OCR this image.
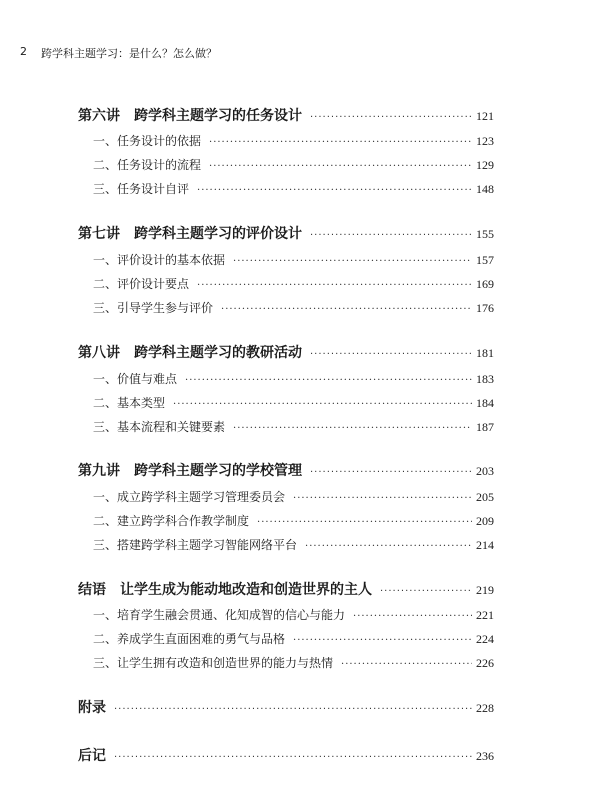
2 跨学科主题学习：是什么？怎么做？
第六讲 跨学科主题学习的任务设计 ·····	121
一、任务设计的依据 ·····	123
二、任务设计的流程 ·····	129
三、任务设计自评 ·····	148
第七讲 跨学科主题学习的评价设计 ·····	155
一、评价设计的基本依据 ·····	157
二、评价设计要点 ·····	169
三、引导学生参与评价 ·····	176
第八讲 跨学科主题学习的教研活动 ·····	181
一、价值与难点 ·····	183
二、基本类型 ·····	184
三、基本流程和关键要素 ·····	187
第九讲 跨学科主题学习的学校管理 ·····	203
一、成立跨学科主题学习管理委员会 ·····	205
二、建立跨学科合作教学制度 ·····	209
三、搭建跨学科主题学习智能网络平台 ·····	214
结语 让学生成为能动地改造和创造世界的主人 ·····	219
一、培育学生融会贯通、化知成智的信心与能力 ·····	221
二、养成学生直面困难的勇气与品格 ·····	224
三、让学生拥有改造和创造世界的能力与热情 ·····	226
附录 ·····	228
后记 ·····	236
